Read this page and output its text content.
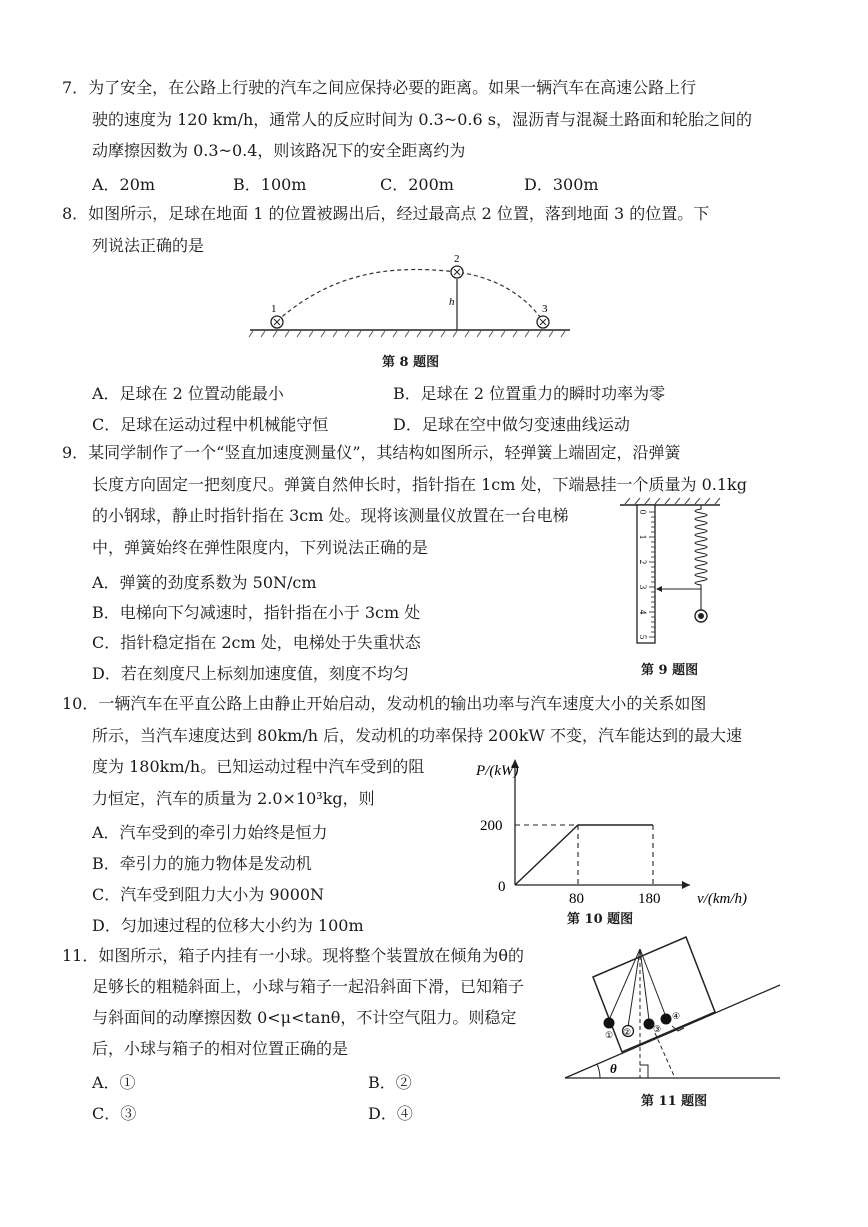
7．为了安全，在公路上行驶的汽车之间应保持必要的距离。如果一辆汽车在高速公路上行
驶的速度为 120 km/h，通常人的反应时间为 0.3~0.6 s，湿沥青与混凝土路面和轮胎之间的
动摩擦因数为 0.3~0.4，则该路况下的安全距离约为
A．20m	B．100m	C．200m	D．300m
8．如图所示，足球在地面 1 的位置被踢出后，经过最高点 2 位置，落到地面 3 的位置。下
列说法正确的是
1
2
3
h
第 8 题图
A．足球在 2 位置动能最小	B．足球在 2 位置重力的瞬时功率为零
C．足球在运动过程中机械能守恒	D．足球在空中做匀变速曲线运动
9．某同学制作了一个“竖直加速度测量仪”，其结构如图所示，轻弹簧上端固定，沿弹簧
长度方向固定一把刻度尺。弹簧自然伸长时，指针指在 1cm 处，下端悬挂一个质量为 0.1kg
的小钢球，静止时指针指在 3cm 处。现将该测量仪放置在一台电梯
中，弹簧始终在弹性限度内，下列说法正确的是
A．弹簧的劲度系数为 50N/cm
B．电梯向下匀减速时，指针指在小于 3cm 处
C．指针稳定指在 2cm 处，电梯处于失重状态
D．若在刻度尺上标刻加速度值，刻度不均匀
0
1
2
3
4
5
第 9 题图
10．一辆汽车在平直公路上由静止开始启动，发动机的输出功率与汽车速度大小的关系如图
所示，当汽车速度达到 80km/h 后，发动机的功率保持 200kW 不变，汽车能达到的最大速
度为 180km/h。已知运动过程中汽车受到的阻
力恒定，汽车的质量为 2.0×10³kg，则
A．汽车受到的牵引力始终是恒力
B．牵引力的施力物体是发动机
C．汽车受到阻力大小为 9000N
D．匀加速过程的位移大小约为 100m
P/(kW)
200
0
80	180 v/(km/h)
第 10 题图
11．如图所示，箱子内挂有一小球。现将整个装置放在倾角为θ的
足够长的粗糙斜面上，小球与箱子一起沿斜面下滑，已知箱子
与斜面间的动摩擦因数 0<μ<tanθ，不计空气阻力。则稳定
后，小球与箱子的相对位置正确的是
A．①	B．②
C．③	D．④
θ
① ② ③
④
第 11 题图
